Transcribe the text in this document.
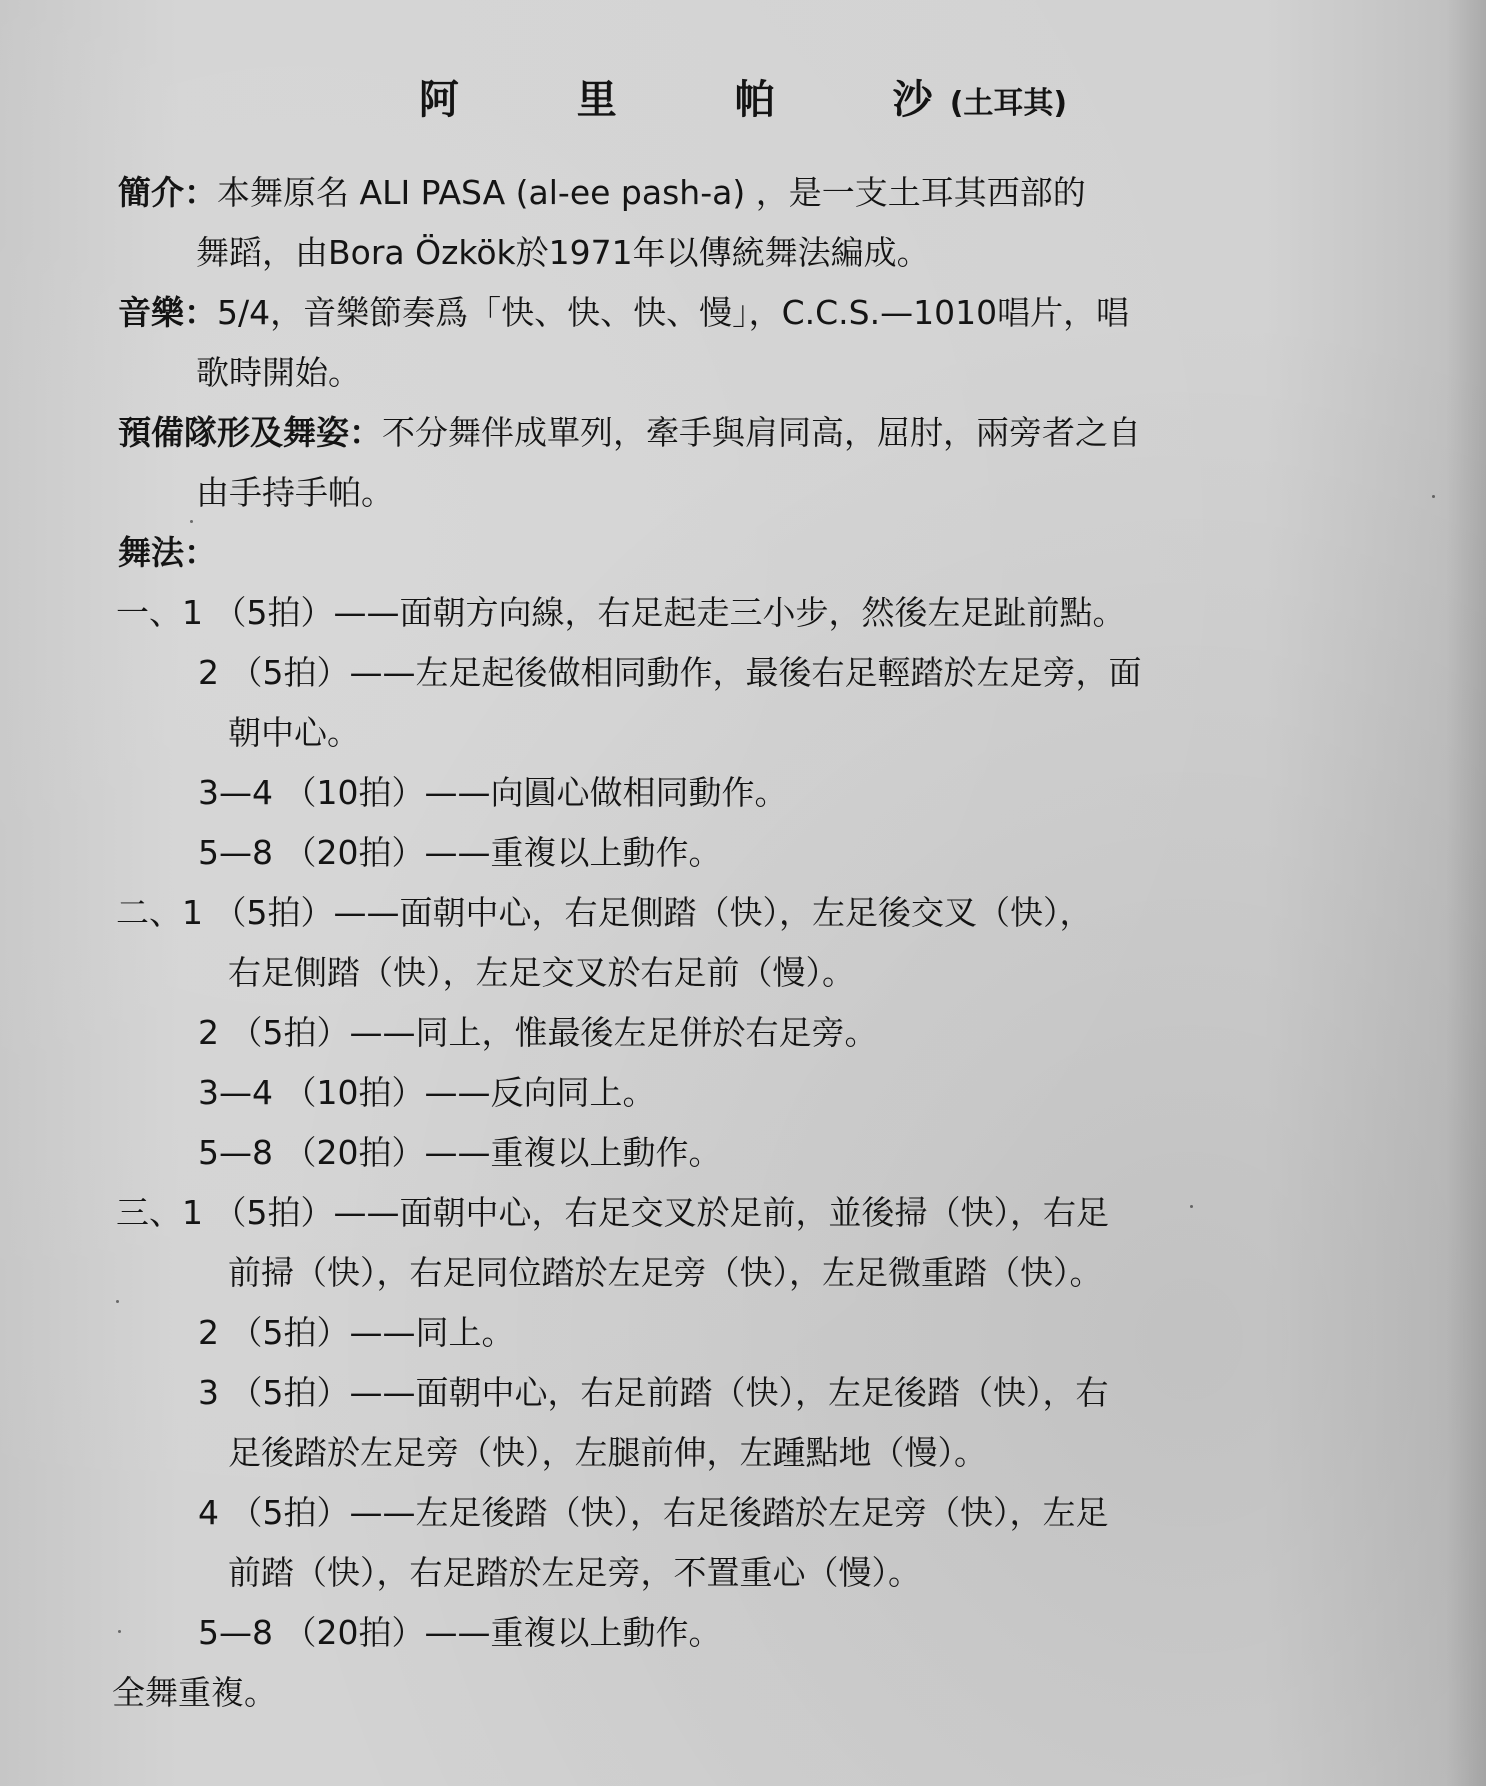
阿 里 帕 沙 (土耳其)
簡介：本舞原名 ALI PASA (al-ee pash-a) ，是一支土耳其西部的
舞蹈，由Bora Özkök於1971年以傳統舞法編成。
音樂：5/4，音樂節奏爲「快、快、快、慢」，C.C.S.—1010唱片，唱
歌時開始。
預備隊形及舞姿：不分舞伴成單列，牽手與肩同高，屈肘，兩旁者之自
由手持手帕。
舞法：
一、1 （5拍）——面朝方向線，右足起走三小步，然後左足趾前點。
2 （5拍）——左足起後做相同動作，最後右足輕踏於左足旁，面
朝中心。
3—4 （10拍）——向圓心做相同動作。
5—8 （20拍）——重複以上動作。
二、1 （5拍）——面朝中心，右足側踏（快），左足後交叉（快），
右足側踏（快），左足交叉於右足前（慢）。
2 （5拍）——同上，惟最後左足併於右足旁。
3—4 （10拍）——反向同上。
5—8 （20拍）——重複以上動作。
三、1 （5拍）——面朝中心，右足交叉於足前，並後掃（快），右足
前掃（快），右足同位踏於左足旁（快），左足微重踏（快）。
2 （5拍）——同上。
3 （5拍）——面朝中心，右足前踏（快），左足後踏（快），右
足後踏於左足旁（快），左腿前伸，左踵點地（慢）。
4 （5拍）——左足後踏（快），右足後踏於左足旁（快），左足
前踏（快），右足踏於左足旁，不置重心（慢）。
5—8 （20拍）——重複以上動作。
全舞重複。
